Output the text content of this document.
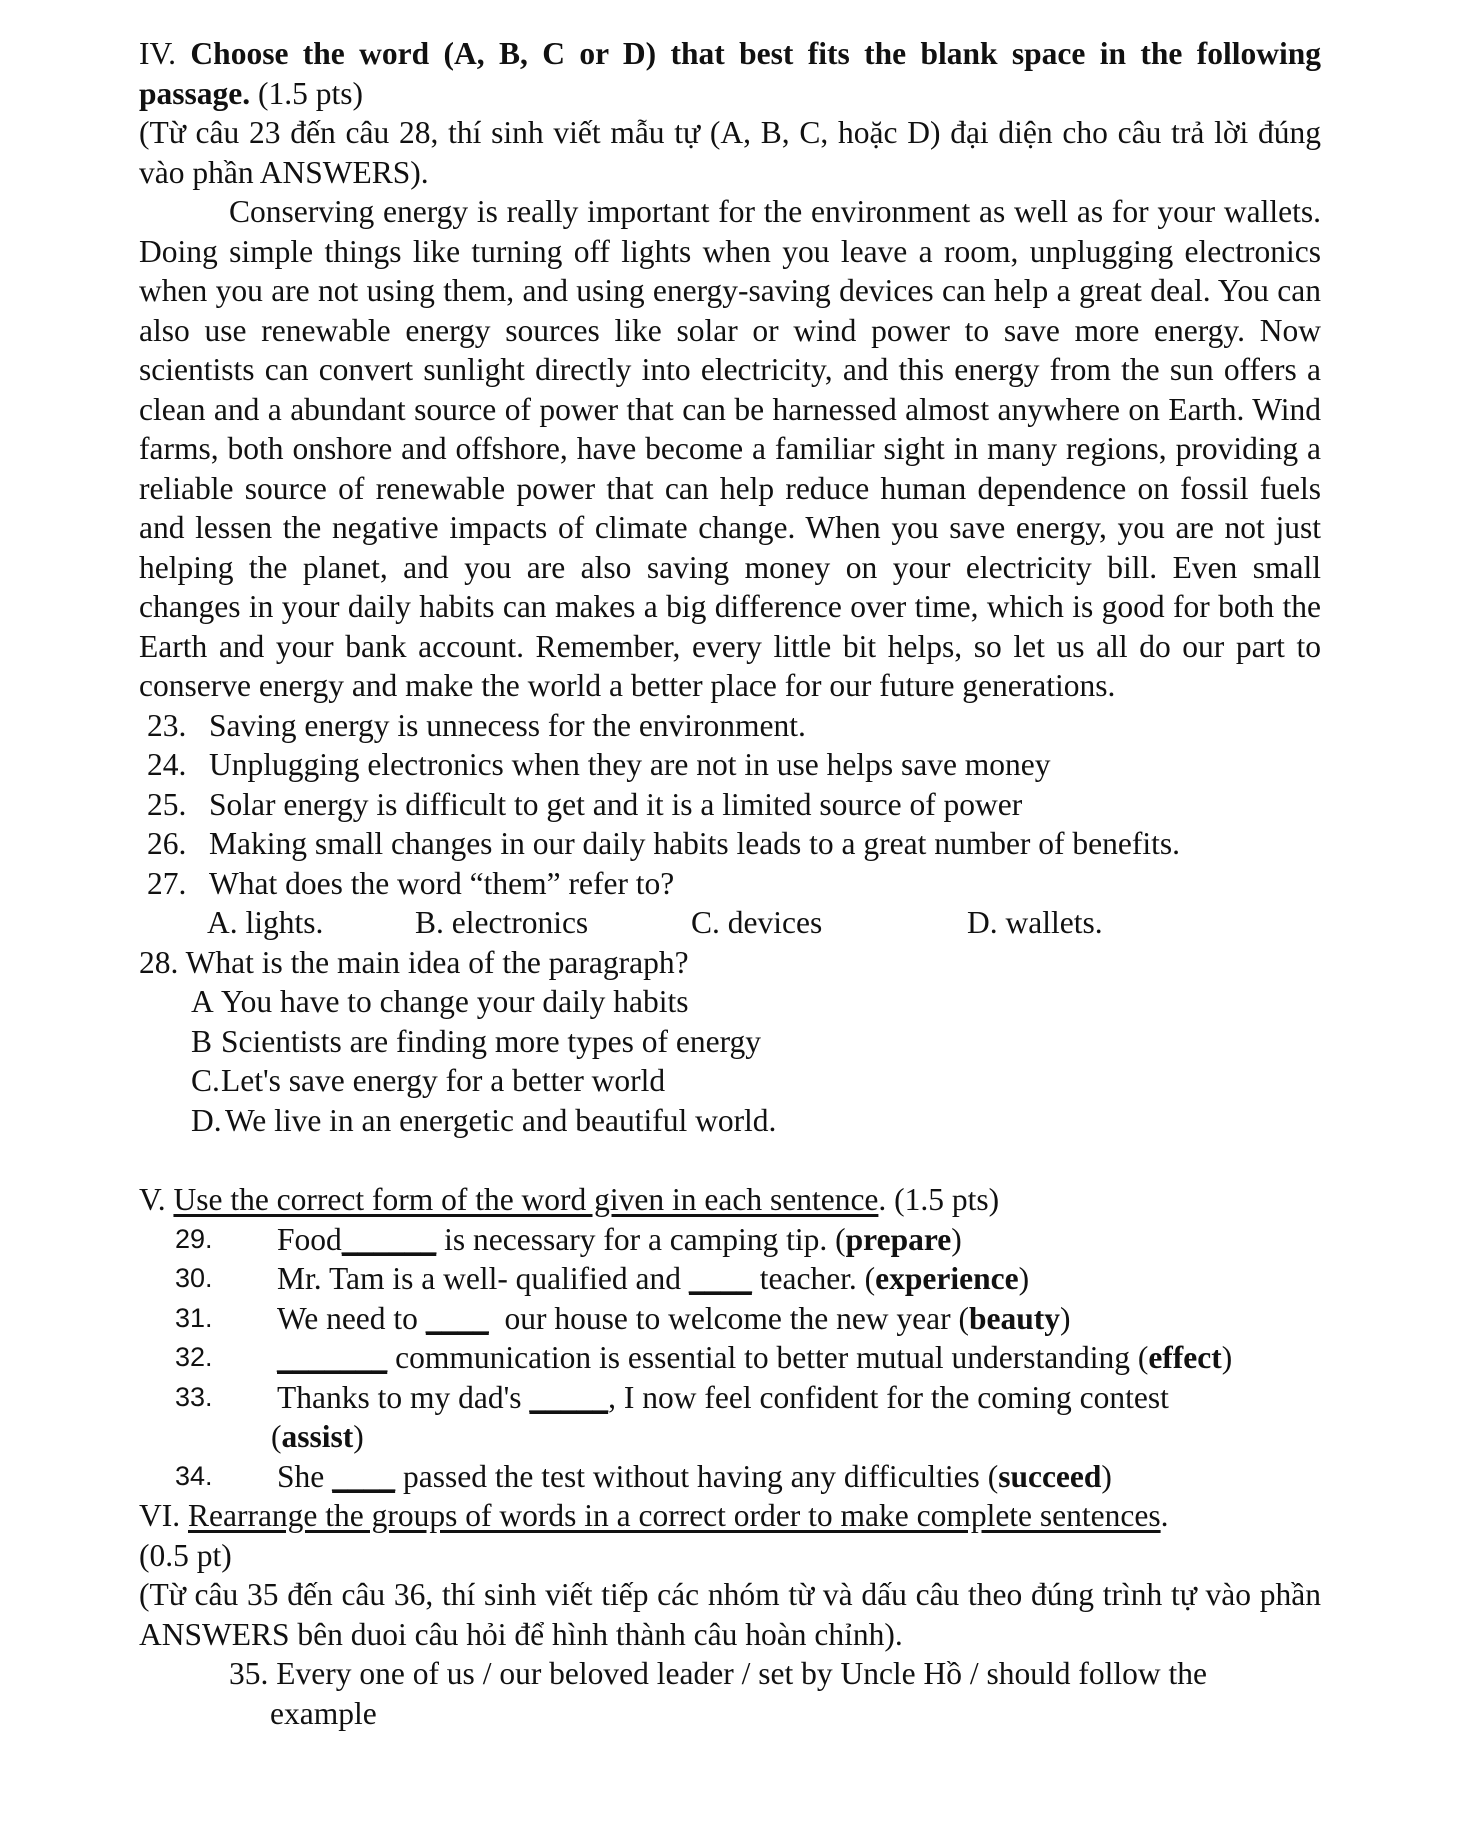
IV. Choose the word (A, B, C or D) that best fits the blank space in the following passage. (1.5 pts)

(Từ câu 23 đến câu 28, thí sinh viết mẫu tự (A, B, C, hoặc D) đại diện cho câu trả lời đúng vào phần ANSWERS).

Conserving energy is really important for the environment as well as for your wallets. Doing simple things like turning off lights when you leave a room, unplugging electronics when you are not using them, and using energy-saving devices can help a great deal. You can also use renewable energy sources like solar or wind power to save more energy. Now scientists can convert sunlight directly into electricity, and this energy from the sun offers a clean and a abundant source of power that can be harnessed almost anywhere on Earth. Wind farms, both onshore and offshore, have become a familiar sight in many regions, providing a reliable source of renewable power that can help reduce human dependence on fossil fuels and lessen the negative impacts of climate change. When you save energy, you are not just helping the planet, and you are also saving money on your electricity bill. Even small changes in your daily habits can makes a big difference over time, which is good for both the Earth and your bank account. Remember, every little bit helps, so let us all do our part to conserve energy and make the world a better place for our future generations.

23. Saving energy is unnecess for the environment.
24. Unplugging electronics when they are not in use helps save money
25. Solar energy is difficult to get and it is a limited source of power
26. Making small changes in our daily habits leads to a great number of benefits.
27. What does the word “them” refer to?
A. lights.	B. electronics	C. devices	D. wallets.

28. What is the main idea of the paragraph?

A You have to change your daily habits
B Scientists are finding more types of energy
C. Let's save energy for a better world
D. We live in an energetic and beautiful world.

V. Use the correct form of the word given in each sentence. (1.5 pts)

29.	Food ______ is necessary for a camping tip. ( prepare )
30.	Mr. Tam is a well- qualified and ____ teacher. ( experience )
31.	We need to ____ our house to welcome the new year ( beauty )
32.	_______ communication is essential to better mutual understanding ( effect )
33.	Thanks to my dad's _____ , I now feel confident for the coming contest
(assist)
34.	She ____ passed the test without having any difficulties ( succeed )

VI. Rearrange the groups of words in a correct order to make complete sentences.

(0.5 pt)

(Từ câu 35 đến câu 36, thí sinh viết tiếp các nhóm từ và dấu câu theo đúng trình tự vào phần ANSWERS bên duoi câu hỏi để hình thành câu hoàn chỉnh).

35. Every one of us / our beloved leader / set by Uncle Hồ / should follow the

example
